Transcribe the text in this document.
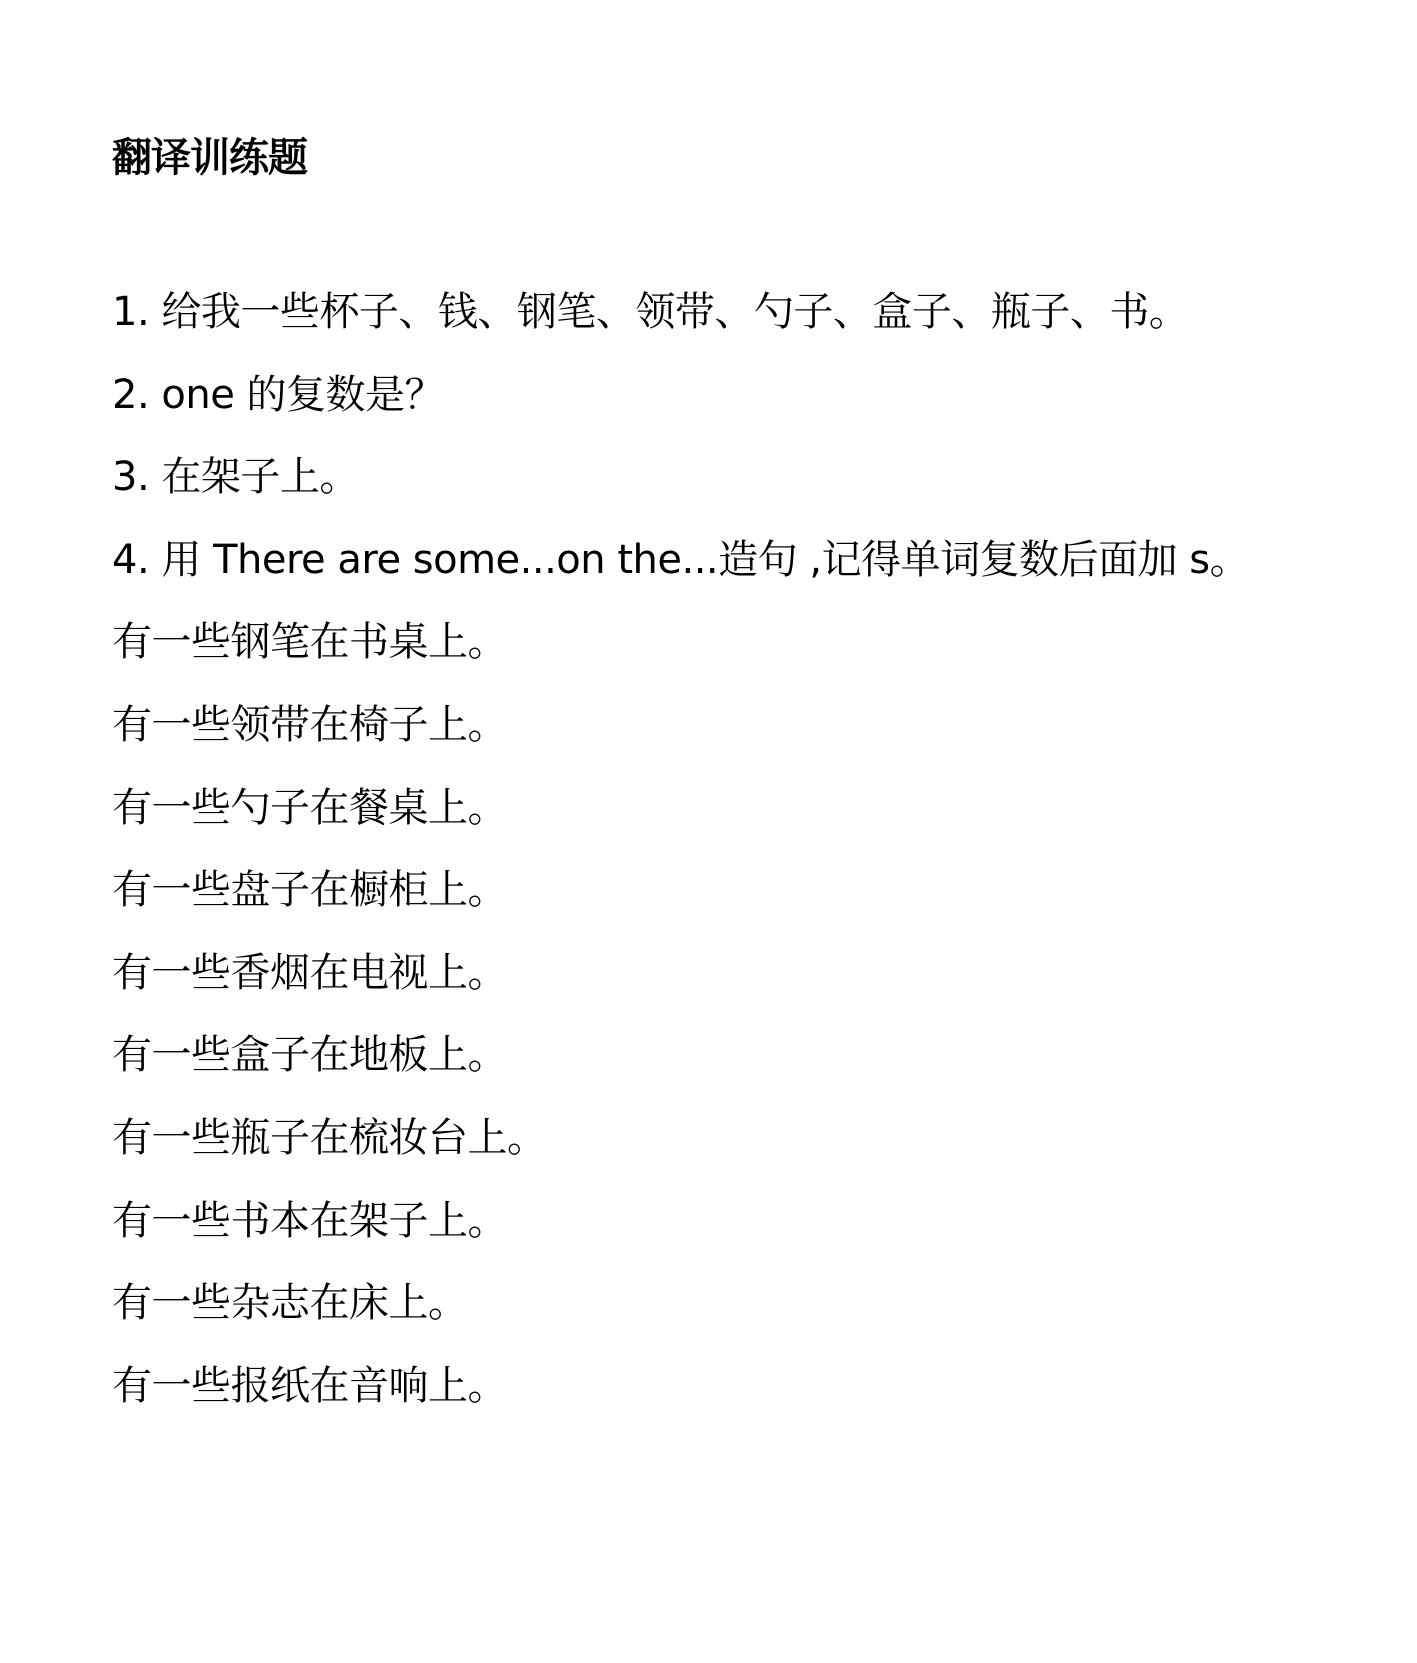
翻译训练题
1. 给我一些杯子、钱、钢笔、领带、勺子、盒子、瓶子、书。
2. one 的复数是？
3. 在架子上。
4. 用 There are some...on the...造句 ,记得单词复数后面加 s。
有一些钢笔在书桌上。
有一些领带在椅子上。
有一些勺子在餐桌上。
有一些盘子在橱柜上。
有一些香烟在电视上。
有一些盒子在地板上。
有一些瓶子在梳妆台上。
有一些书本在架子上。
有一些杂志在床上。
有一些报纸在音响上。
